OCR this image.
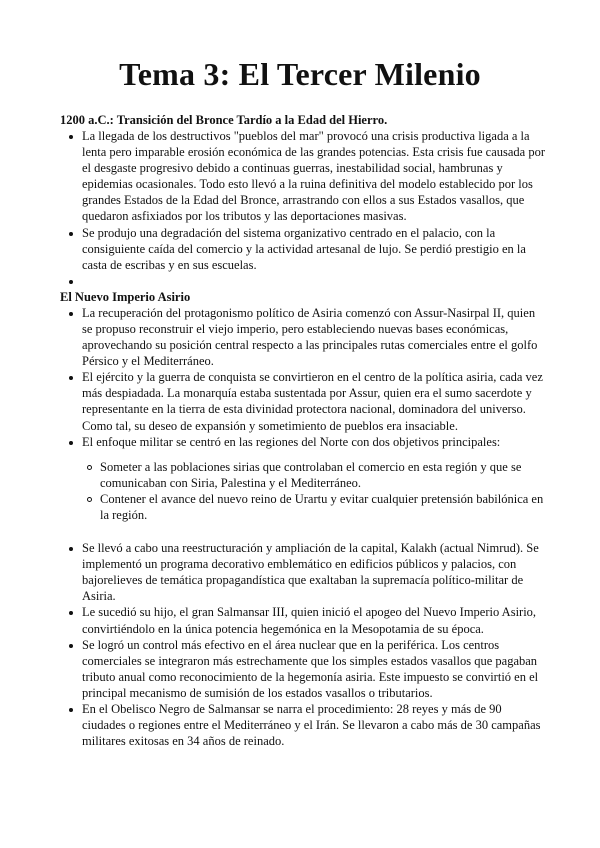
Tema 3: El Tercer Milenio

1200 a.C.: Transición del Bronce Tardío a la Edad del Hierro.

La llegada de los destructivos "pueblos del mar" provocó una crisis productiva ligada a la lenta pero imparable erosión económica de las grandes potencias. Esta crisis fue causada por el desgaste progresivo debido a continuas guerras, inestabilidad social, hambrunas y epidemias ocasionales. Todo esto llevó a la ruina definitiva del modelo establecido por los grandes Estados de la Edad del Bronce, arrastrando con ellos a sus Estados vasallos, que quedaron asfixiados por los tributos y las deportaciones masivas.
Se produjo una degradación del sistema organizativo centrado en el palacio, con la consiguiente caída del comercio y la actividad artesanal de lujo. Se perdió prestigio en la casta de escribas y en sus escuelas.

El Nuevo Imperio Asirio

La recuperación del protagonismo político de Asiria comenzó con Assur-Nasirpal II, quien se propuso reconstruir el viejo imperio, pero estableciendo nuevas bases económicas, aprovechando su posición central respecto a las principales rutas comerciales entre el golfo Pérsico y el Mediterráneo.
El ejército y la guerra de conquista se convirtieron en el centro de la política asiria, cada vez más despiadada. La monarquía estaba sustentada por Assur, quien era el sumo sacerdote y representante en la tierra de esta divinidad protectora nacional, dominadora del universo. Como tal, su deseo de expansión y sometimiento de pueblos era insaciable.
El enfoque militar se centró en las regiones del Norte con dos objetivos principales:
Someter a las poblaciones sirias que controlaban el comercio en esta región y que se comunicaban con Siria, Palestina y el Mediterráneo.
Contener el avance del nuevo reino de Urartu y evitar cualquier pretensión babilónica en la región.
Se llevó a cabo una reestructuración y ampliación de la capital, Kalakh (actual Nimrud). Se implementó un programa decorativo emblemático en edificios públicos y palacios, con bajorelieves de temática propagandística que exaltaban la supremacía político-militar de Asiria.
Le sucedió su hijo, el gran Salmansar III, quien inició el apogeo del Nuevo Imperio Asirio, convirtiéndolo en la única potencia hegemónica en la Mesopotamia de su época.
Se logró un control más efectivo en el área nuclear que en la periférica. Los centros comerciales se integraron más estrechamente que los simples estados vasallos que pagaban tributo anual como reconocimiento de la hegemonía asiria. Este impuesto se convirtió en el principal mecanismo de sumisión de los estados vasallos o tributarios.
En el Obelisco Negro de Salmansar se narra el procedimiento: 28 reyes y más de 90 ciudades o regiones entre el Mediterráneo y el Irán. Se llevaron a cabo más de 30 campañas militares exitosas en 34 años de reinado.
